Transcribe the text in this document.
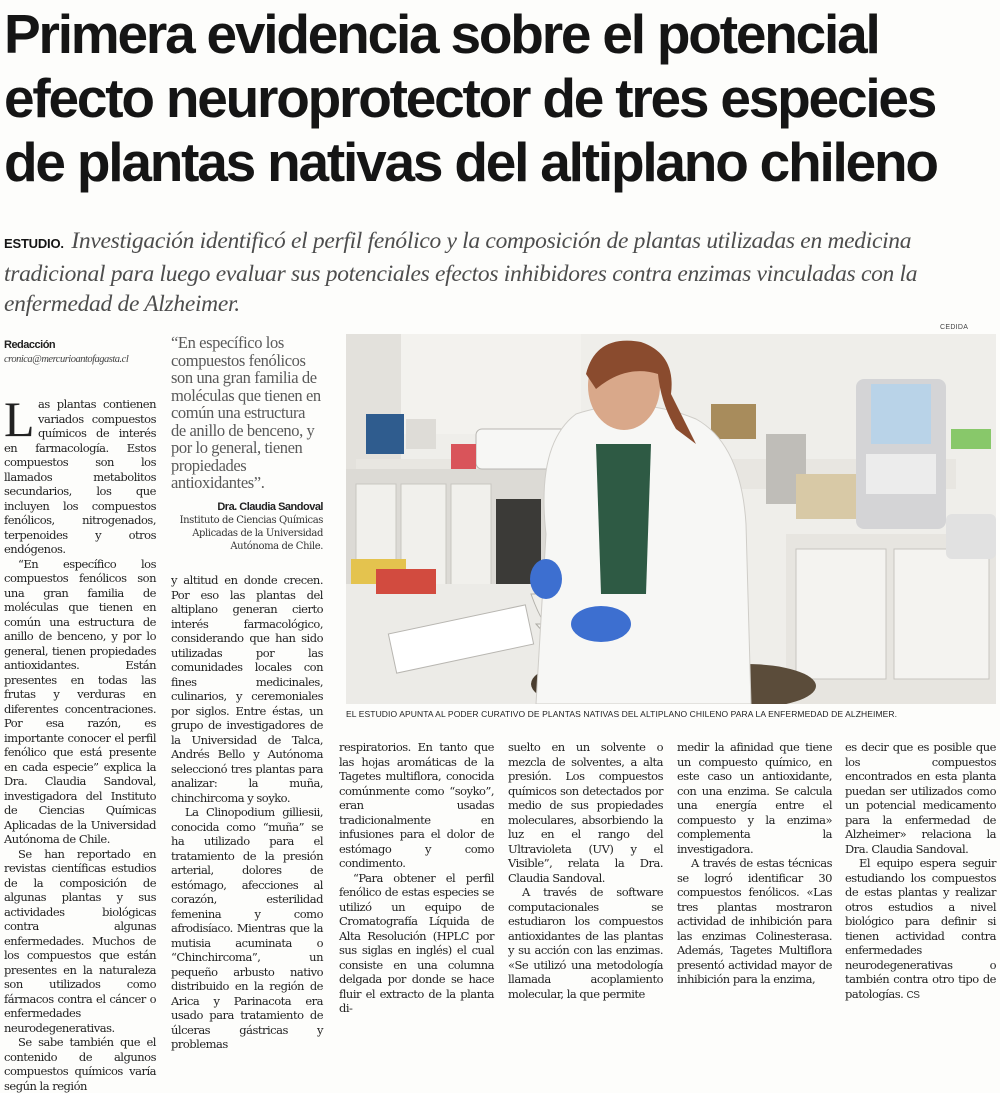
Primera evidencia sobre el potencial
efecto neuroprotector de tres especies
de plantas nativas del altiplano chileno
ESTUDIO. Investigación identificó el perfil fenólico y la composición de plantas utilizadas en medicina tradicional para luego evaluar sus potenciales efectos inhibidores contra enzimas vinculadas con la enfermedad de Alzheimer.
Redacción
cronica@mercurioantofagasta.cl

Las plantas contienen variados compuestos químicos de interés en farmacología. Estos compuestos son los llamados metabolitos secundarios, los que incluyen los compuestos fenólicos, nitrogenados, terpenoides y otros endógenos.

“En específico los compuestos fenólicos son una gran familia de moléculas que tienen en común una estructura de anillo de benceno, y por lo general, tienen propiedades antioxidantes. Están presentes en todas las frutas y verduras en diferentes concentraciones. Por esa razón, es importante conocer el perfil fenólico que está presente en cada especie” explica la Dra. Claudia Sandoval, investigadora del Instituto de Ciencias Químicas Aplicadas de la Universidad Autónoma de Chile.

Se han reportado en revistas científicas estudios de la composición de algunas plantas y sus actividades biológicas contra algunas enfermedades. Muchos de los compuestos que están presentes en la naturaleza son utilizados como fármacos contra el cáncer o enfermedades neurodegenerativas.

Se sabe también que el contenido de algunos compuestos químicos varía según la región

“En específico los compuestos fenólicos son una gran familia de moléculas que tienen en común una estructura de anillo de benceno, y por lo general, tienen propiedades antioxidantes”.
Dra. Claudia Sandoval
Instituto de Ciencias Químicas Aplicadas de la Universidad Autónoma de Chile.

y altitud en donde crecen. Por eso las plantas del altiplano generan cierto interés farmacológico, considerando que han sido utilizadas por las comunidades locales con fines medicinales, culinarios, y ceremoniales por siglos. Entre éstas, un grupo de investigadores de la Universidad de Talca, Andrés Bello y Autónoma seleccionó tres plantas para analizar: la muña, chinchircoma y soyko.

La Clinopodium gilliesii, conocida como “muña” se ha utilizado para el tratamiento de la presión arterial, dolores de estómago, afecciones al corazón, esterilidad femenina y como afrodisíaco. Mientras que la mutisia acuminata o “Chinchircoma”, un pequeño arbusto nativo distribuido en la región de Arica y Parinacota era usado para tratamiento de úlceras gástricas y problemas

CEDIDA
EL ESTUDIO APUNTA AL PODER CURATIVO DE PLANTAS NATIVAS DEL ALTIPLANO CHILENO PARA LA ENFERMEDAD DE ALZHEIMER.

respiratorios. En tanto que las hojas aromáticas de la Tagetes multiflora, conocida comúnmente como “soyko”, eran usadas tradicionalmente en infusiones para el dolor de estómago y como condimento.

“Para obtener el perfil fenólico de estas especies se utilizó un equipo de Cromatografía Líquida de Alta Resolución (HPLC por sus siglas en inglés) el cual consiste en una columna delgada por donde se hace fluir el extracto de la planta di-

suelto en un solvente o mezcla de solventes, a alta presión. Los compuestos químicos son detectados por medio de sus propiedades moleculares, absorbiendo la luz en el rango del Ultravioleta (UV) y el Visible”, relata la Dra. Claudia Sandoval.

A través de software computacionales se estudiaron los compuestos antioxidantes de las plantas y su acción con las enzimas. «Se utilizó una metodología llamada acoplamiento molecular, la que permite

medir la afinidad que tiene un compuesto químico, en este caso un antioxidante, con una enzima. Se calcula una energía entre el compuesto y la enzima» complementa la investigadora.

A través de estas técnicas se logró identificar 30 compuestos fenólicos. «Las tres plantas mostraron actividad de inhibición para las enzimas Colinesterasa. Además, Tagetes Multiflora presentó actividad mayor de inhibición para la enzima,

es decir que es posible que los compuestos encontrados en esta planta puedan ser utilizados como un potencial medicamento para la enfermedad de Alzheimer» relaciona la Dra. Claudia Sandoval.

El equipo espera seguir estudiando los compuestos de estas plantas y realizar otros estudios a nivel biológico para definir si tienen actividad contra enfermedades neurodegenerativas o también contra otro tipo de patologías. CS
